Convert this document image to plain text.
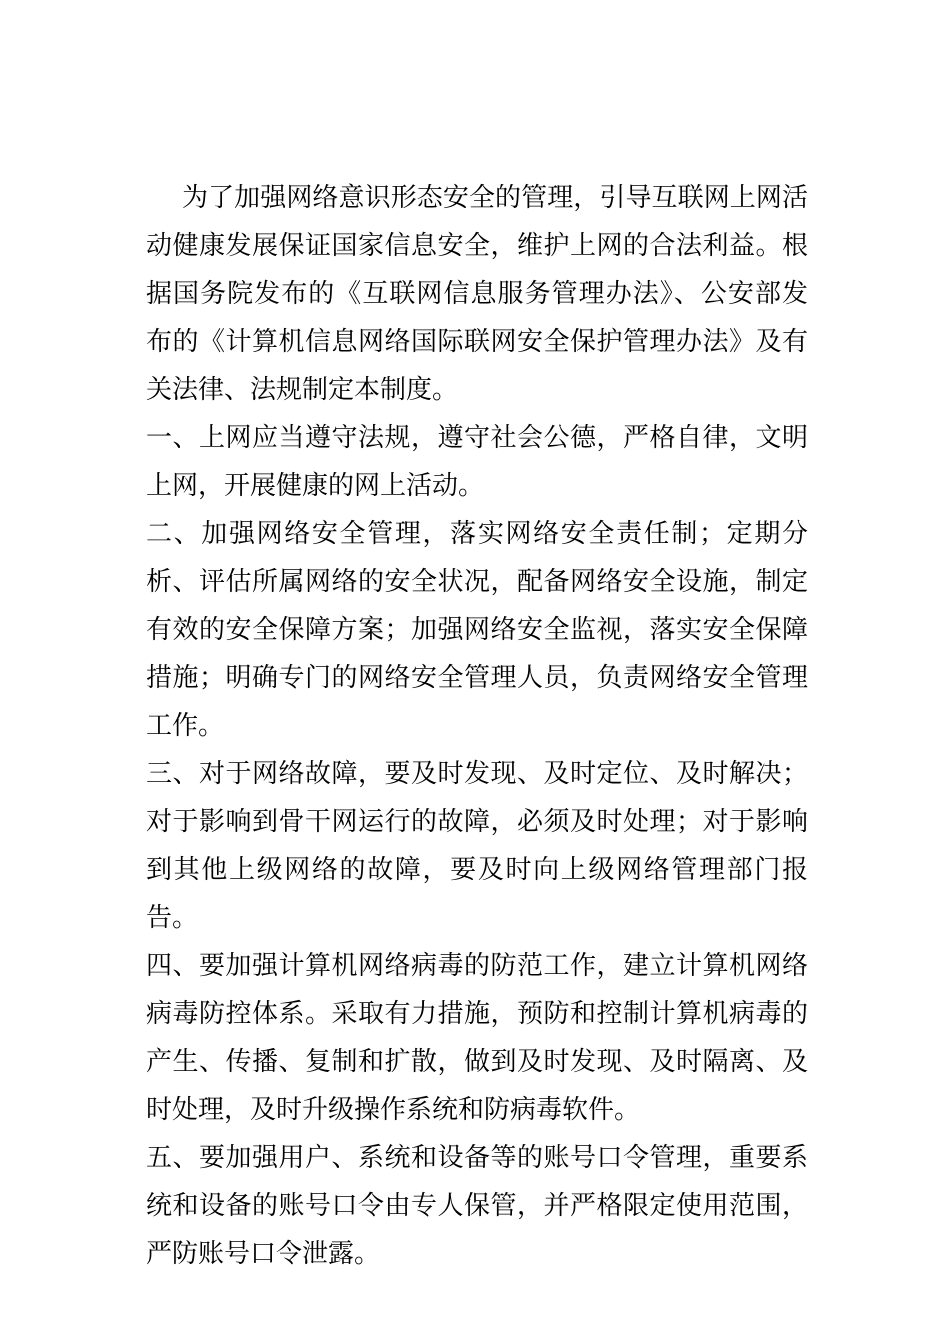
为了加强网络意识形态安全的管理，引导互联网上网活动健康发展保证国家信息安全，维护上网的合法利益。根据国务院发布的《互联网信息服务管理办法》、公安部发布的《计算机信息网络国际联网安全保护管理办法》及有关法律、法规制定本制度。

一、上网应当遵守法规，遵守社会公德，严格自律，文明上网，开展健康的网上活动。

二、加强网络安全管理，落实网络安全责任制；定期分析、评估所属网络的安全状况，配备网络安全设施，制定有效的安全保障方案；加强网络安全监视，落实安全保障措施；明确专门的网络安全管理人员，负责网络安全管理工作。

三、对于网络故障，要及时发现、及时定位、及时解决；对于影响到骨干网运行的故障，必须及时处理；对于影响到其他上级网络的故障，要及时向上级网络管理部门报告。

四、要加强计算机网络病毒的防范工作，建立计算机网络病毒防控体系。采取有力措施，预防和控制计算机病毒的产生、传播、复制和扩散，做到及时发现、及时隔离、及时处理，及时升级操作系统和防病毒软件。

五、要加强用户、系统和设备等的账号口令管理，重要系统和设备的账号口令由专人保管，并严格限定使用范围，严防账号口令泄露。
